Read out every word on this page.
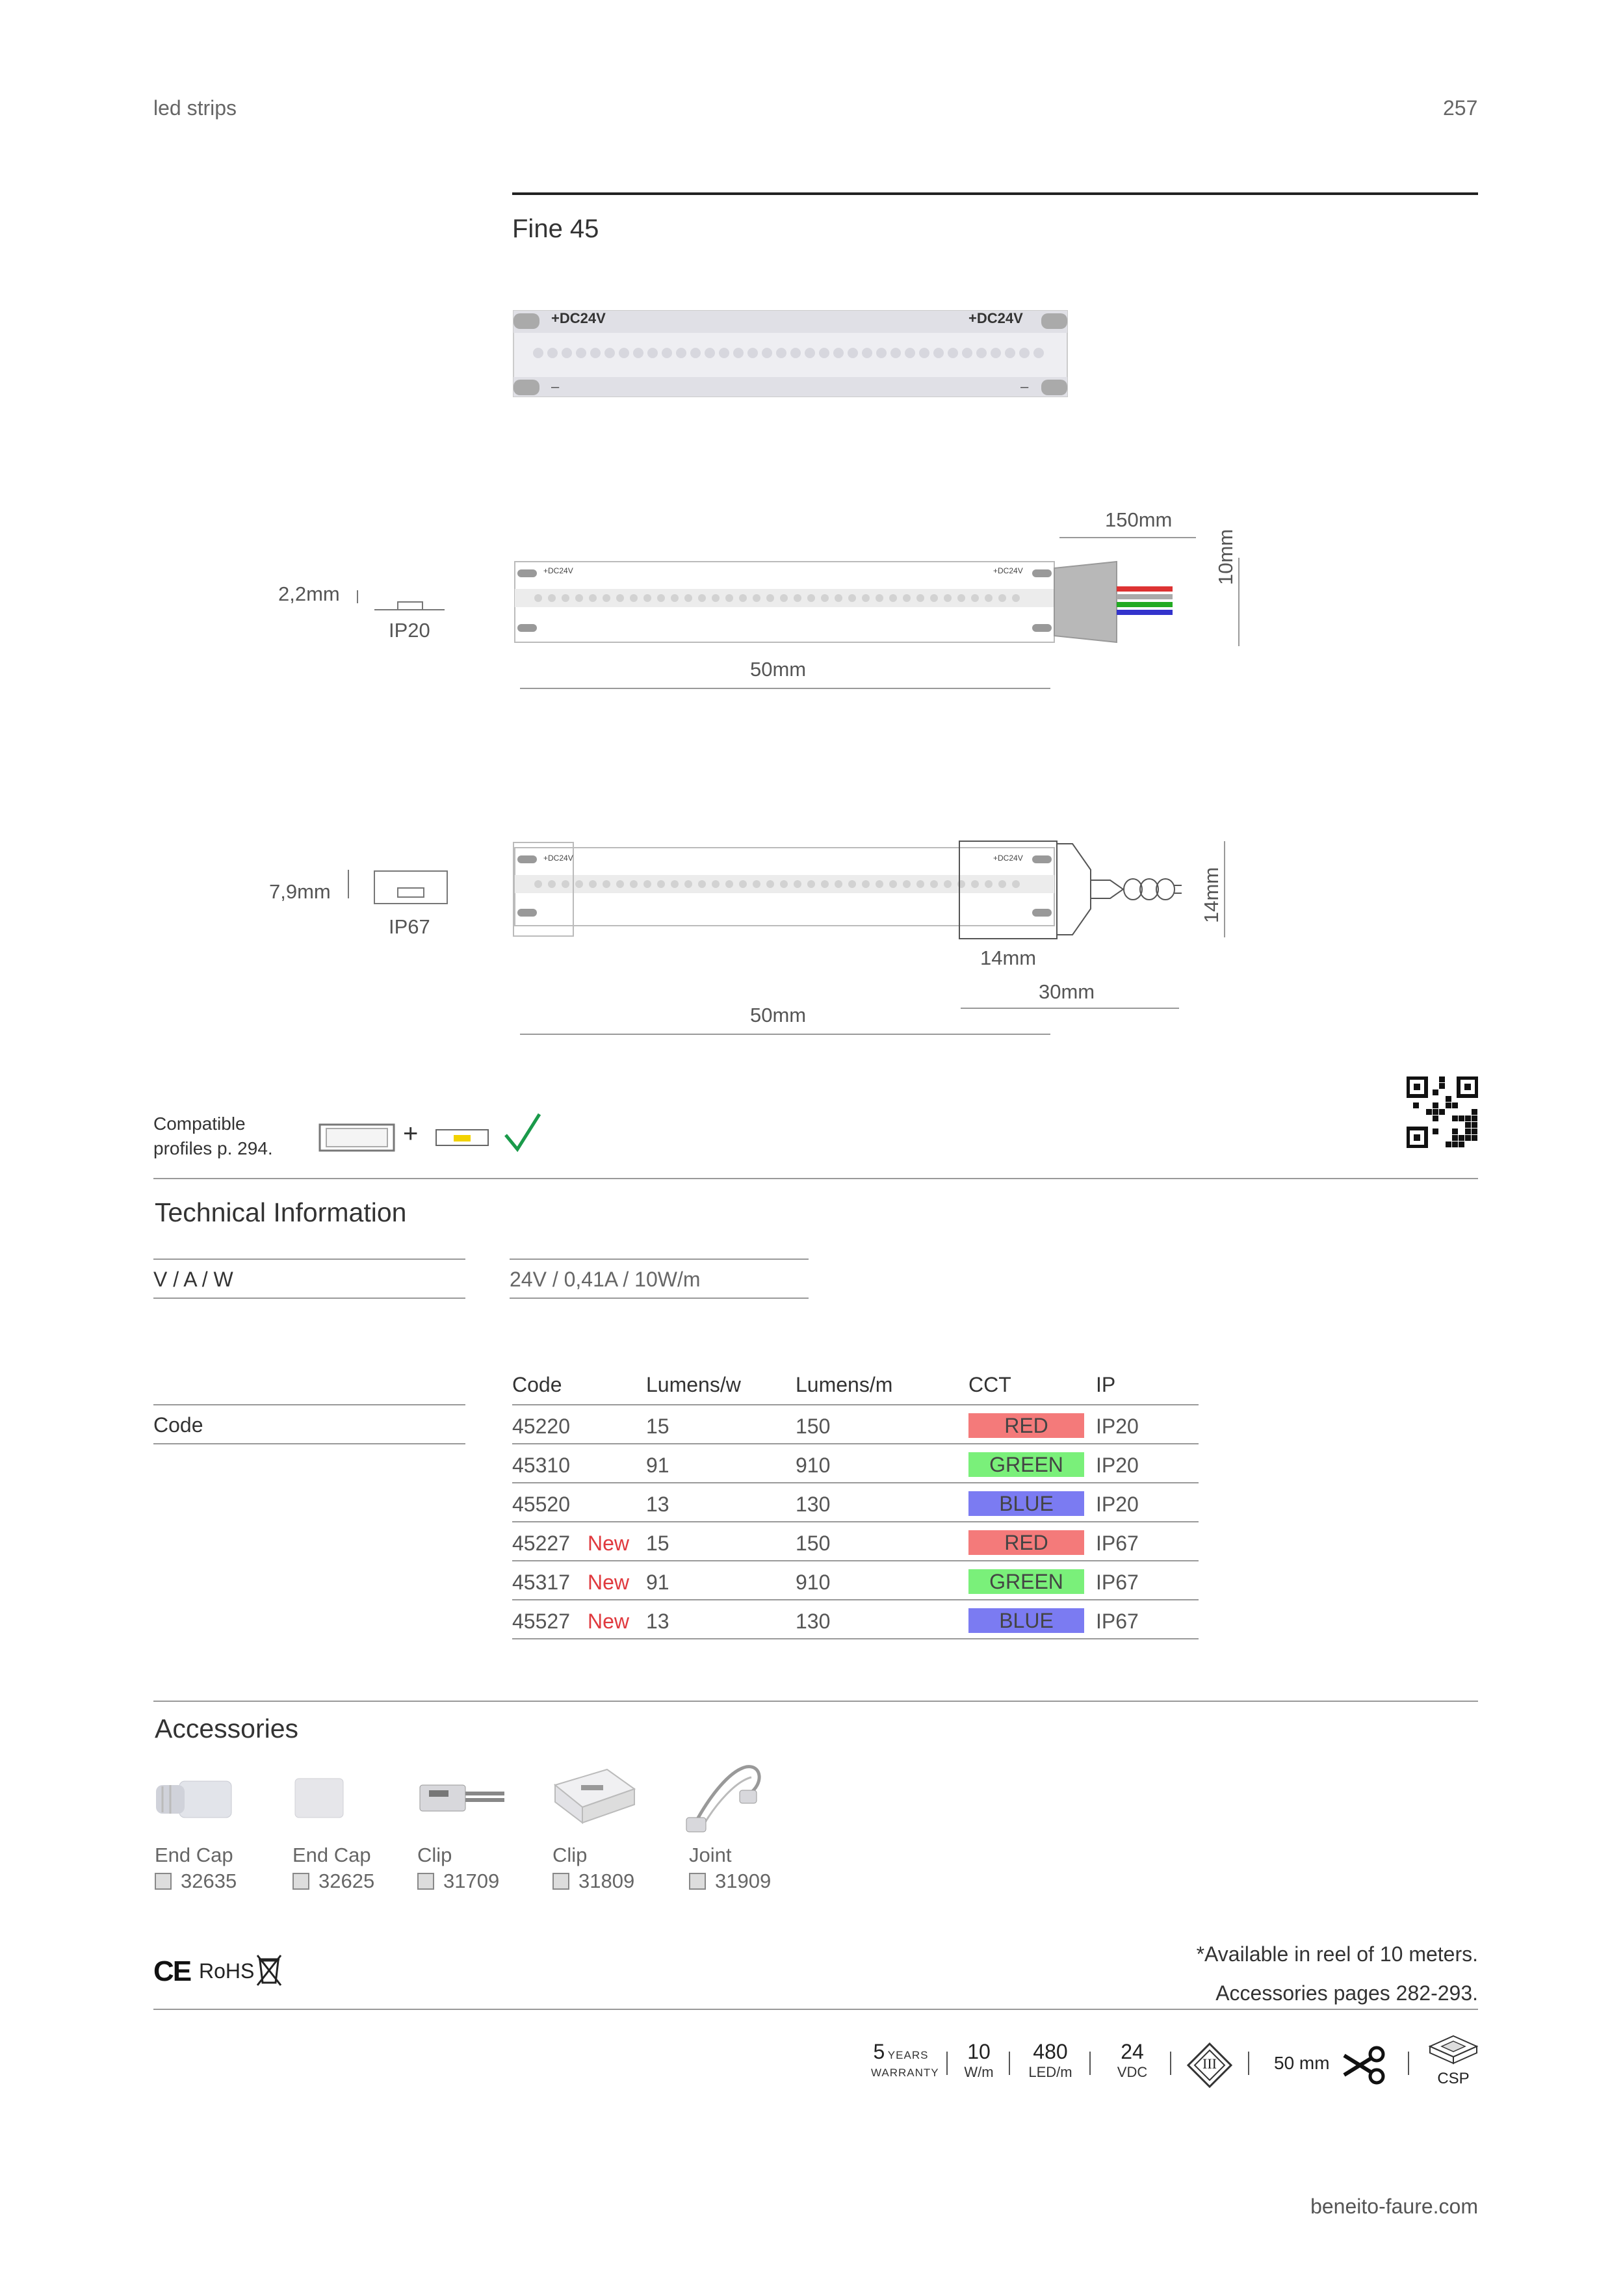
led strips	257
Fine 45
+DC24V	+DC24V
–	–
150mm
+DC24V	+DC24V	10mm
50mm
2,2mm
IP20
+DC24V	+DC24V
14mm
14mm
30mm
50mm
7,9mm
IP67
Compatible
profiles p. 294.
+
Technical Information
V / A / W	24V / 0,41A / 10W/m
Code
Code	Lumens/w	Lumens/m	CCT	IP
45220	15	150	RED	IP20
45310	91	910	GREEN	IP20
45520	13	130	BLUE	IP20
45227 New 15	150	RED	IP67
45317 New 91	910	GREEN	IP67
45527 New 13	130	BLUE	IP67
Accessories
End Cap
32635
End Cap
32625
Clip
31709
Clip
31809
Joint
31909
*Available in reel of 10 meters.
Accessories pages 282-293.
CE RoHS
5 YEARS
WARRANTY
10
W/m
480
LED/m
24
VDC
III	50 mm
CSP
beneito-faure.com
